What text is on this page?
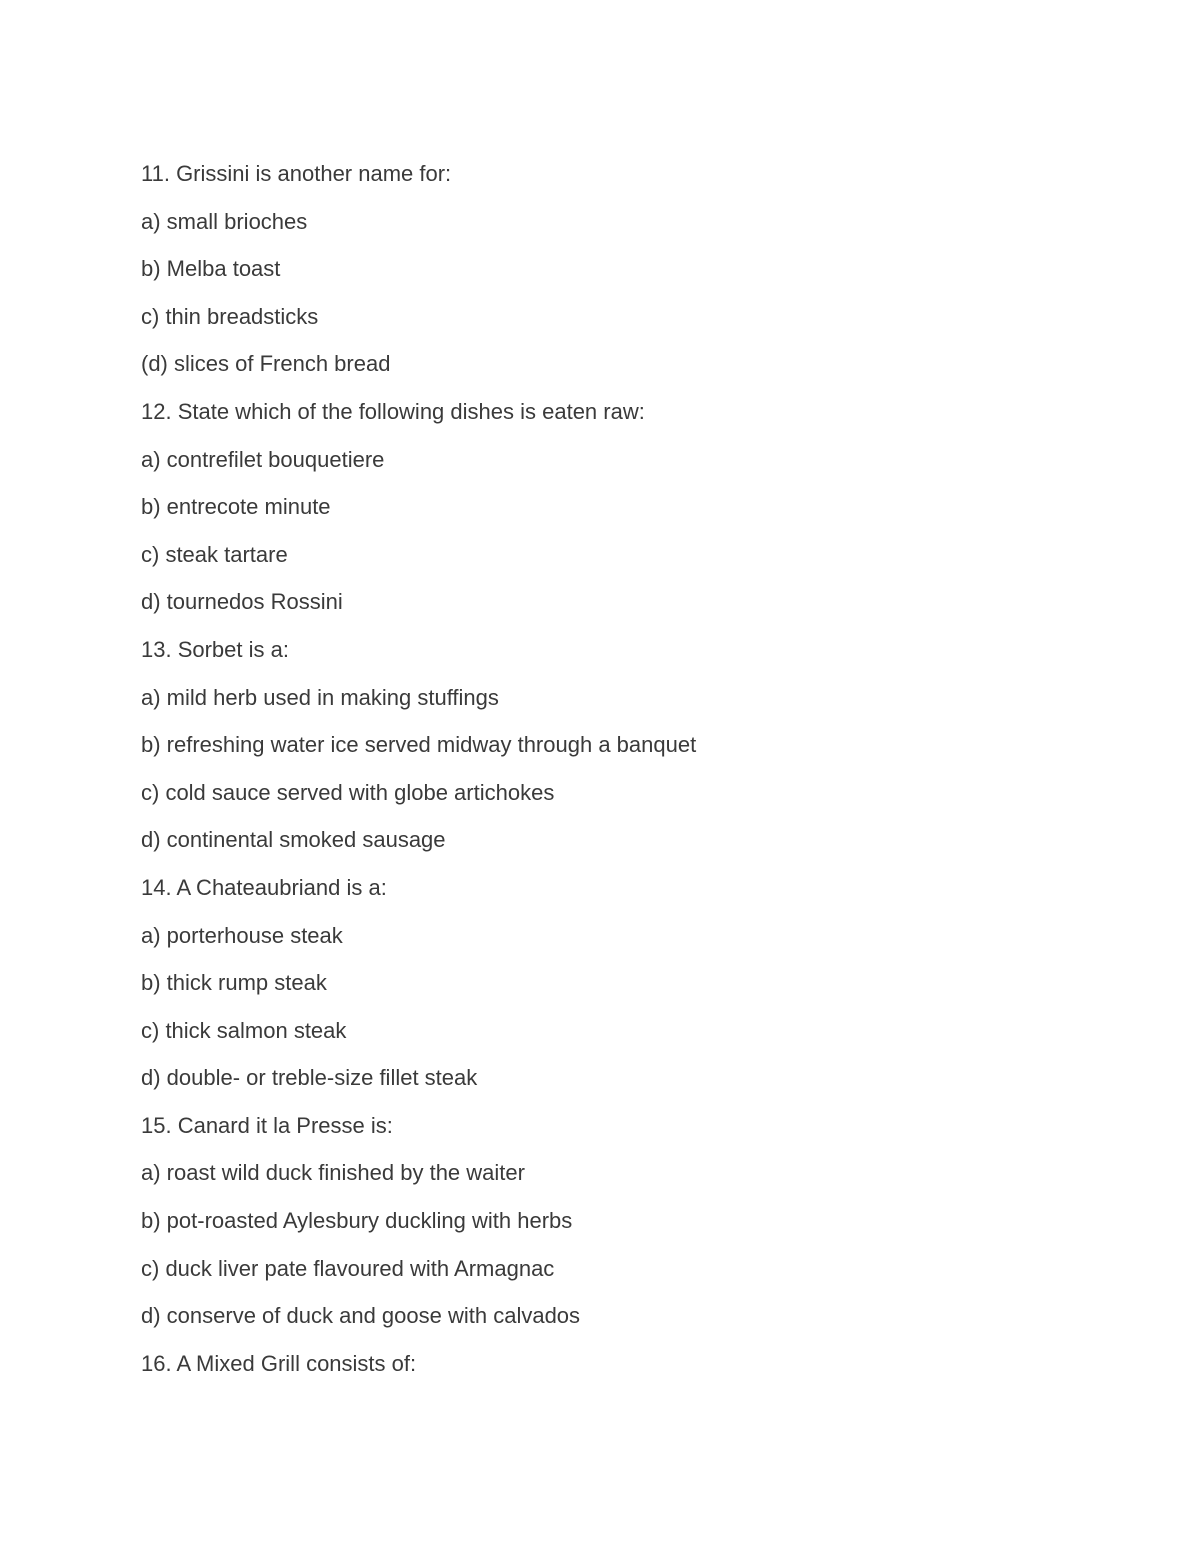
11. Grissini is another name for:
a) small brioches
b) Melba toast
c) thin breadsticks
(d) slices of French bread
12. State which of the following dishes is eaten raw:
a) contrefilet bouquetiere
b) entrecote minute
c) steak tartare
d) tournedos Rossini
13. Sorbet is a:
a) mild herb used in making stuffings
b) refreshing water ice served midway through a banquet
c) cold sauce served with globe artichokes
d) continental smoked sausage
14. A Chateaubriand is a:
a) porterhouse steak
b) thick rump steak
c) thick salmon steak
d) double- or treble-size fillet steak
15. Canard it la Presse is:
a) roast wild duck finished by the waiter
b) pot-roasted Aylesbury duckling with herbs
c) duck liver pate flavoured with Armagnac
d) conserve of duck and goose with calvados
16. A Mixed Grill consists of:
